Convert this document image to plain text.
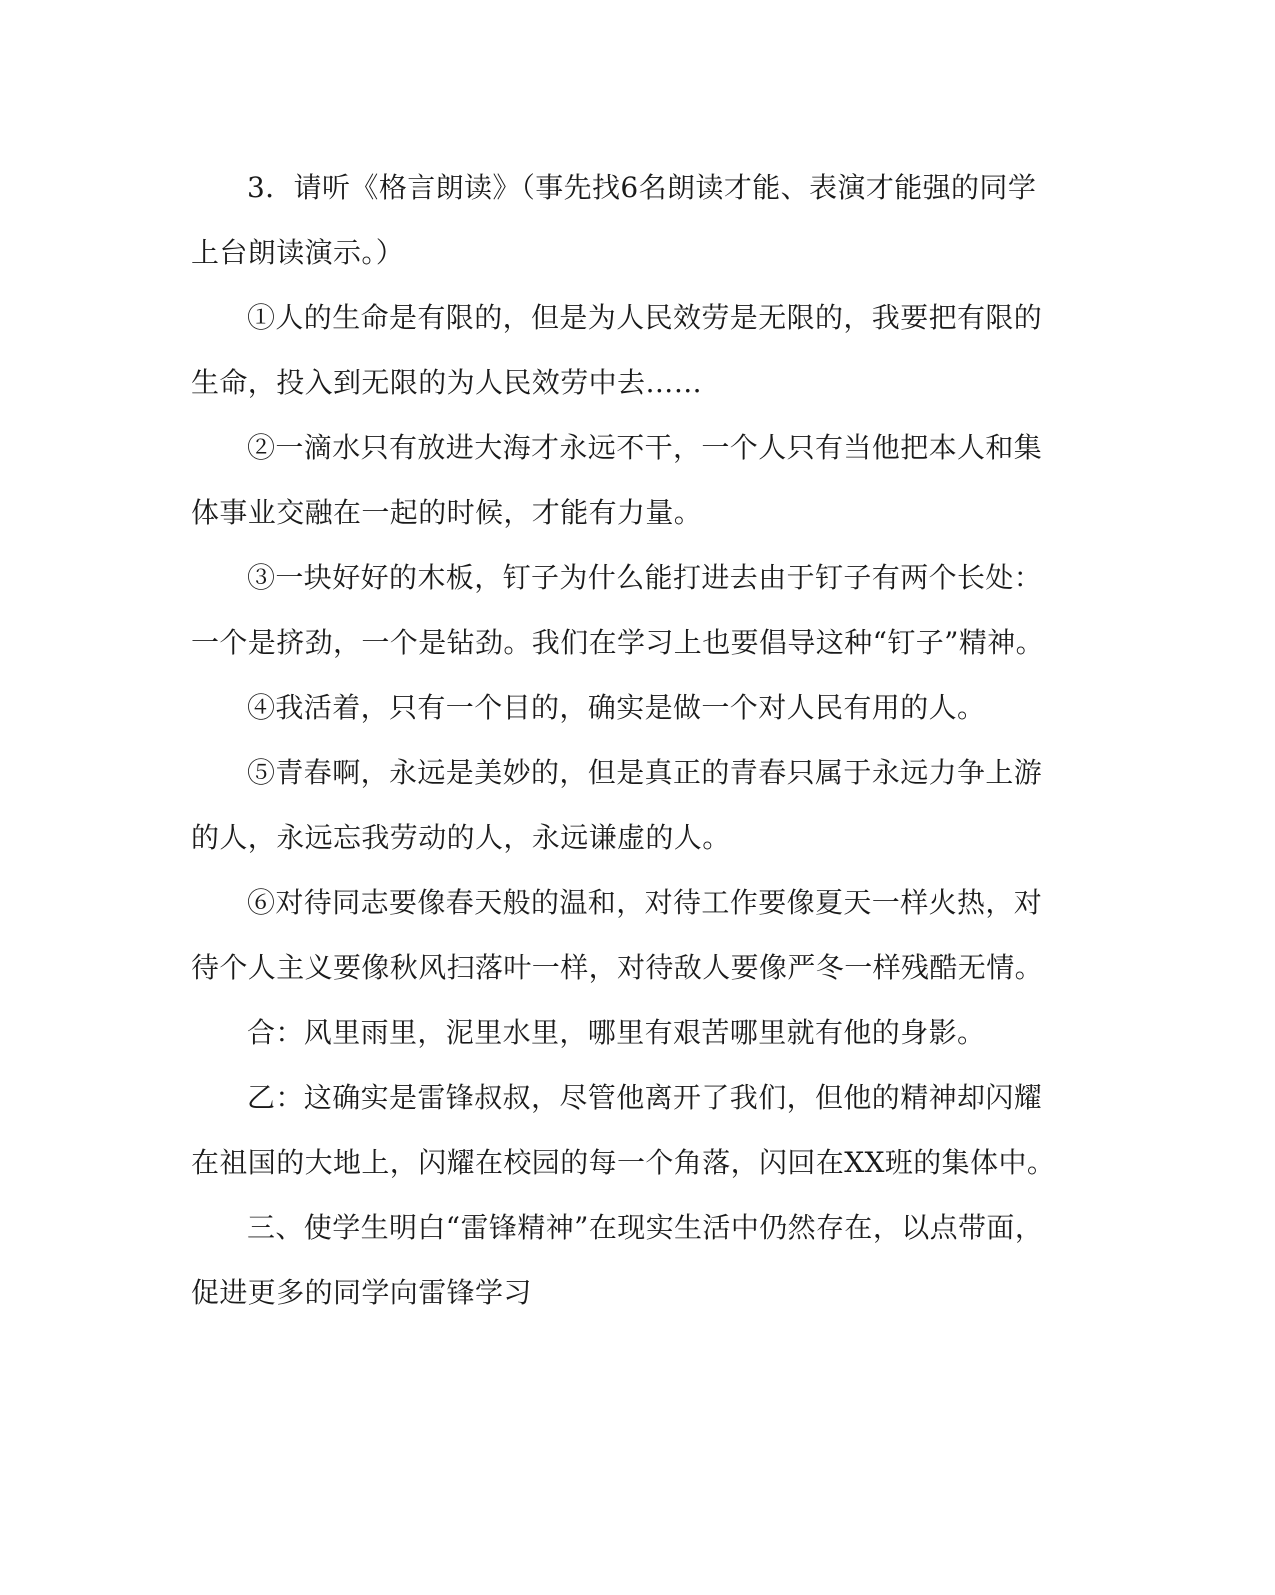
3．请听《格言朗读》（事先找6名朗读才能、表演才能强的同学上台朗读演示。）

①人的生命是有限的，但是为人民效劳是无限的，我要把有限的生命，投入到无限的为人民效劳中去……

②一滴水只有放进大海才永远不干，一个人只有当他把本人和集体事业交融在一起的时候，才能有力量。

③一块好好的木板，钉子为什么能打进去由于钉子有两个长处：一个是挤劲，一个是钻劲。我们在学习上也要倡导这种“钉子”精神。

④我活着，只有一个目的，确实是做一个对人民有用的人。

⑤青春啊，永远是美妙的，但是真正的青春只属于永远力争上游的人，永远忘我劳动的人，永远谦虚的人。

⑥对待同志要像春天般的温和，对待工作要像夏天一样火热，对待个人主义要像秋风扫落叶一样，对待敌人要像严冬一样残酷无情。

合：风里雨里，泥里水里，哪里有艰苦哪里就有他的身影。

乙：这确实是雷锋叔叔，尽管他离开了我们，但他的精神却闪耀在祖国的大地上，闪耀在校园的每一个角落，闪回在XX班的集体中。

三、使学生明白“雷锋精神”在现实生活中仍然存在，以点带面，促进更多的同学向雷锋学习
